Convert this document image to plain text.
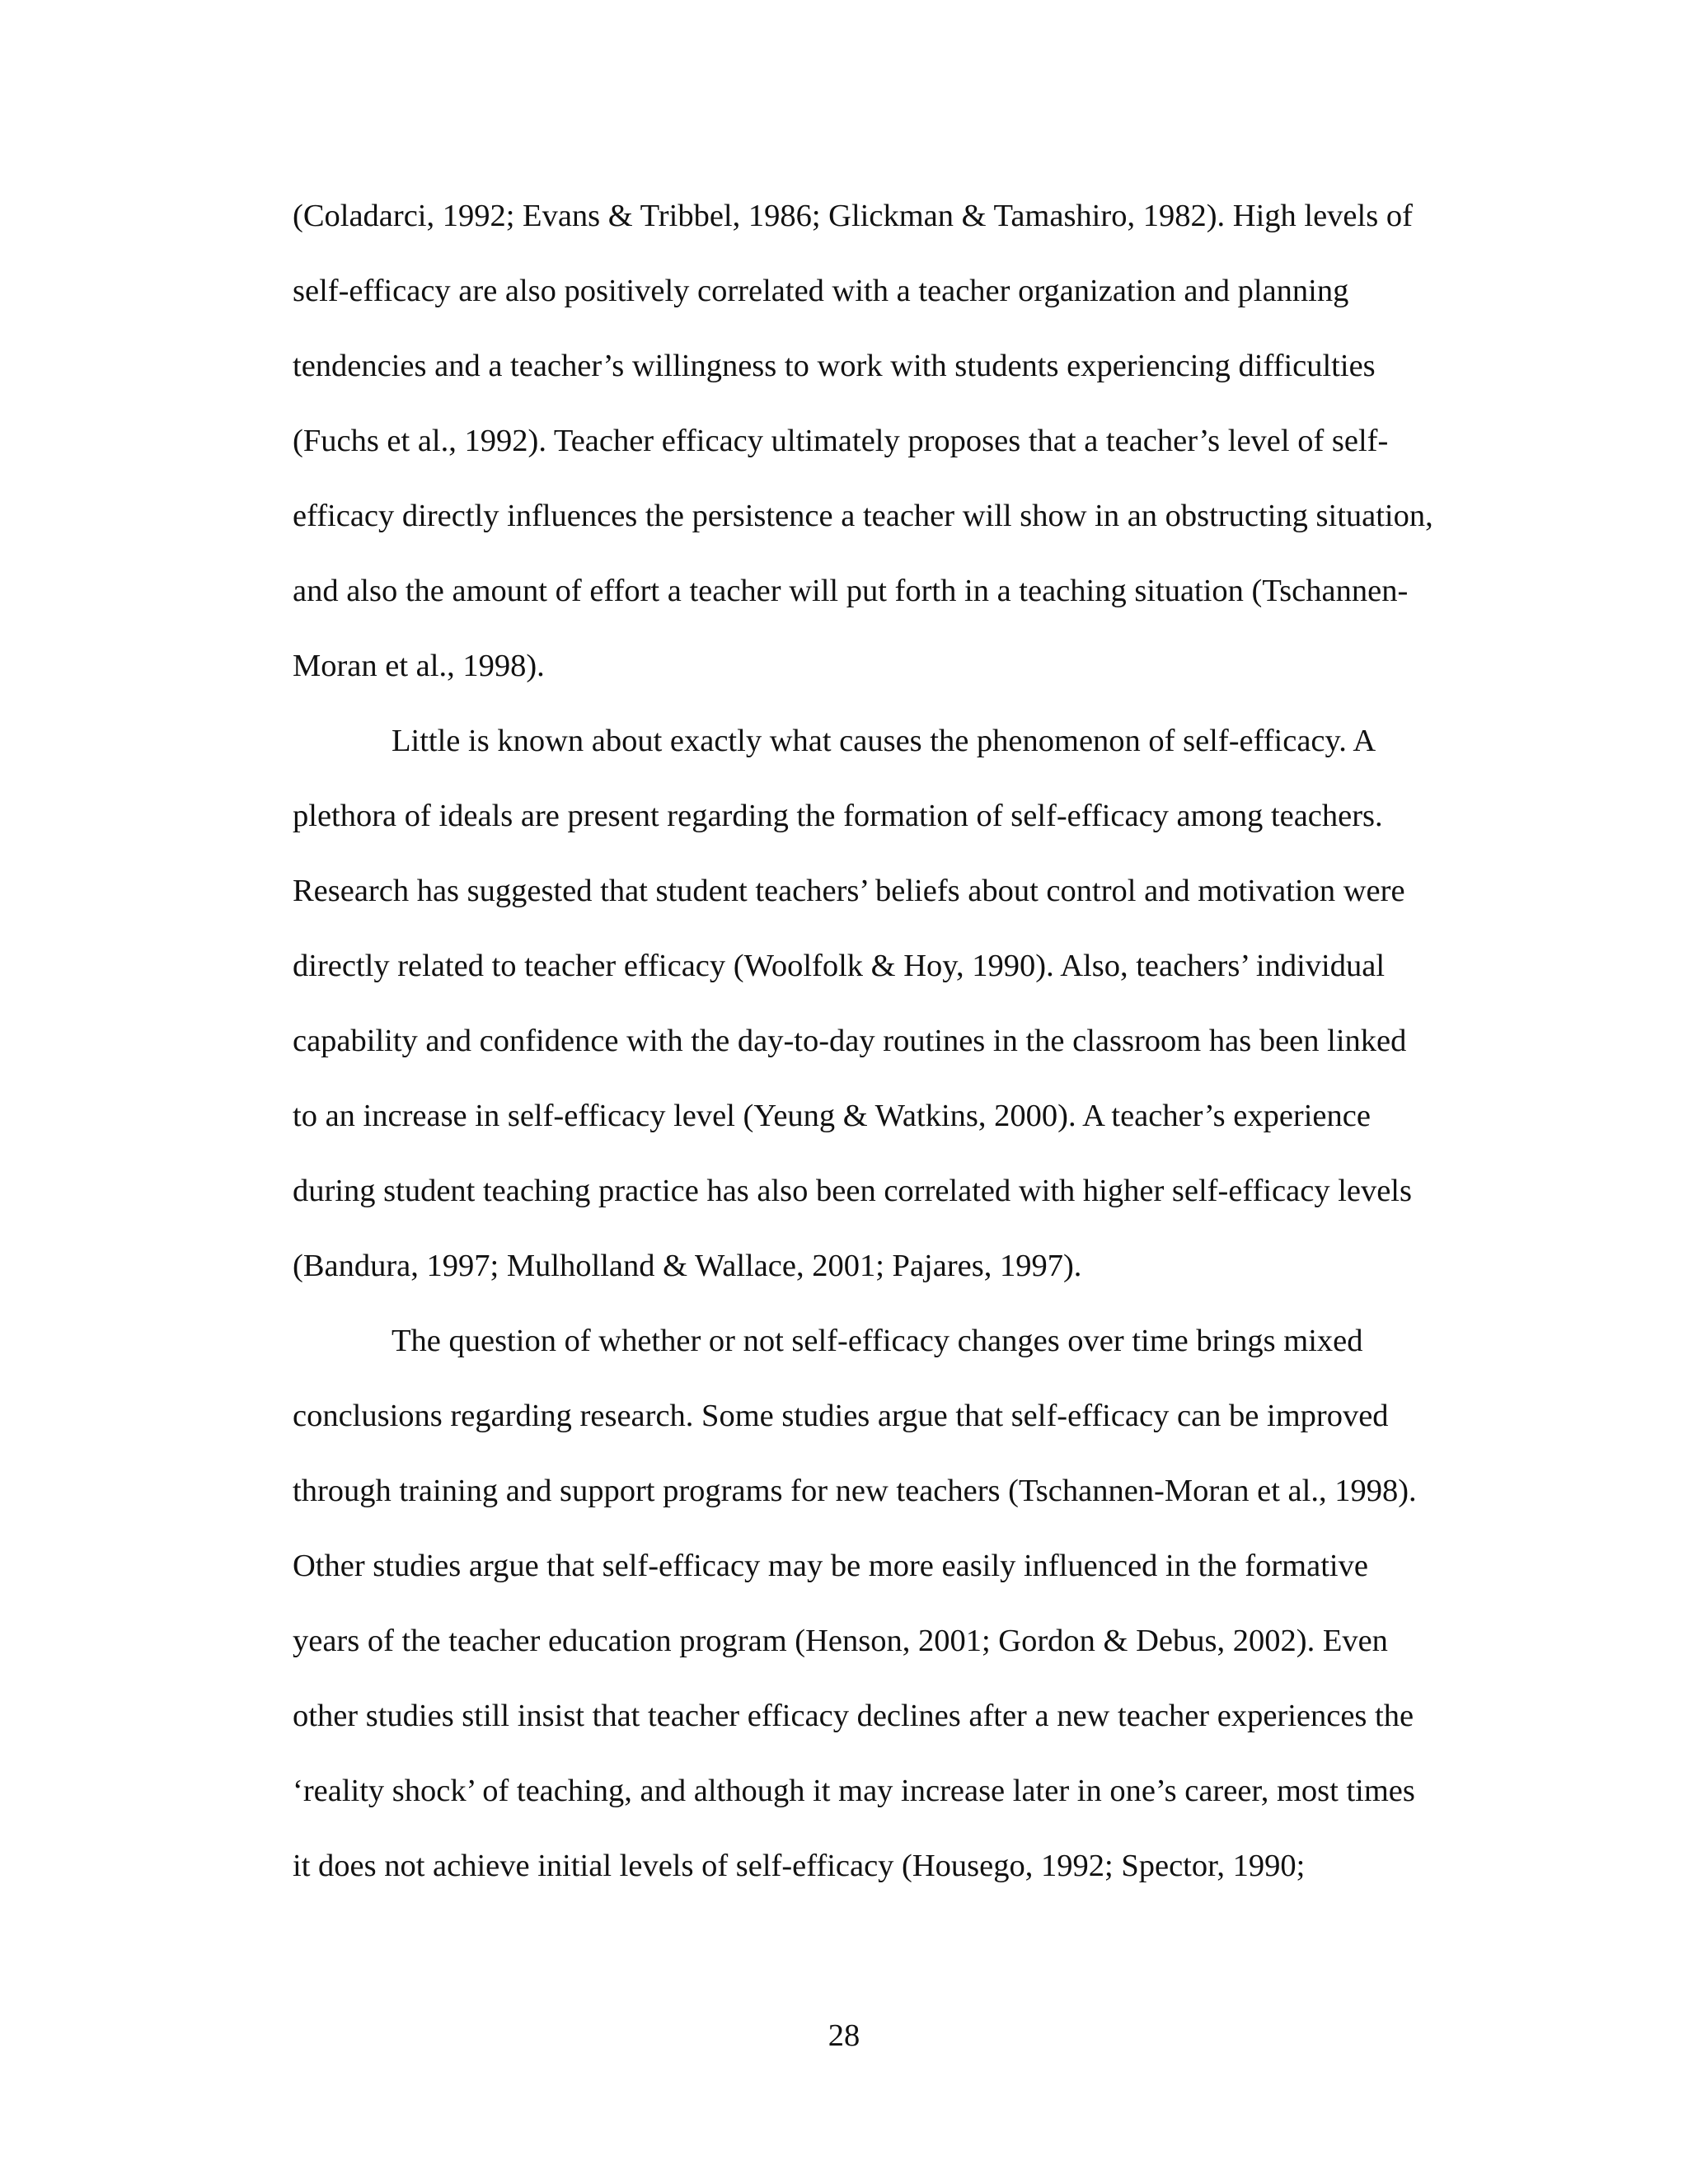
(Coladarci, 1992; Evans & Tribbel, 1986; Glickman & Tamashiro, 1982). High levels of
self-efficacy are also positively correlated with a teacher organization and planning
tendencies and a teacher’s willingness to work with students experiencing difficulties
(Fuchs et al., 1992). Teacher efficacy ultimately proposes that a teacher’s level of self-
efficacy directly influences the persistence a teacher will show in an obstructing situation,
and also the amount of effort a teacher will put forth in a teaching situation (Tschannen-
Moran et al., 1998).
Little is known about exactly what causes the phenomenon of self-efficacy. A
plethora of ideals are present regarding the formation of self-efficacy among teachers.
Research has suggested that student teachers’ beliefs about control and motivation were
directly related to teacher efficacy (Woolfolk & Hoy, 1990). Also, teachers’ individual
capability and confidence with the day-to-day routines in the classroom has been linked
to an increase in self-efficacy level (Yeung & Watkins, 2000). A teacher’s experience
during student teaching practice has also been correlated with higher self-efficacy levels
(Bandura, 1997; Mulholland & Wallace, 2001; Pajares, 1997).
The question of whether or not self-efficacy changes over time brings mixed
conclusions regarding research. Some studies argue that self-efficacy can be improved
through training and support programs for new teachers (Tschannen-Moran et al., 1998).
Other studies argue that self-efficacy may be more easily influenced in the formative
years of the teacher education program (Henson, 2001; Gordon & Debus, 2002). Even
other studies still insist that teacher efficacy declines after a new teacher experiences the
‘reality shock’ of teaching, and although it may increase later in one’s career, most times
it does not achieve initial levels of self-efficacy (Housego, 1992; Spector, 1990;
28
